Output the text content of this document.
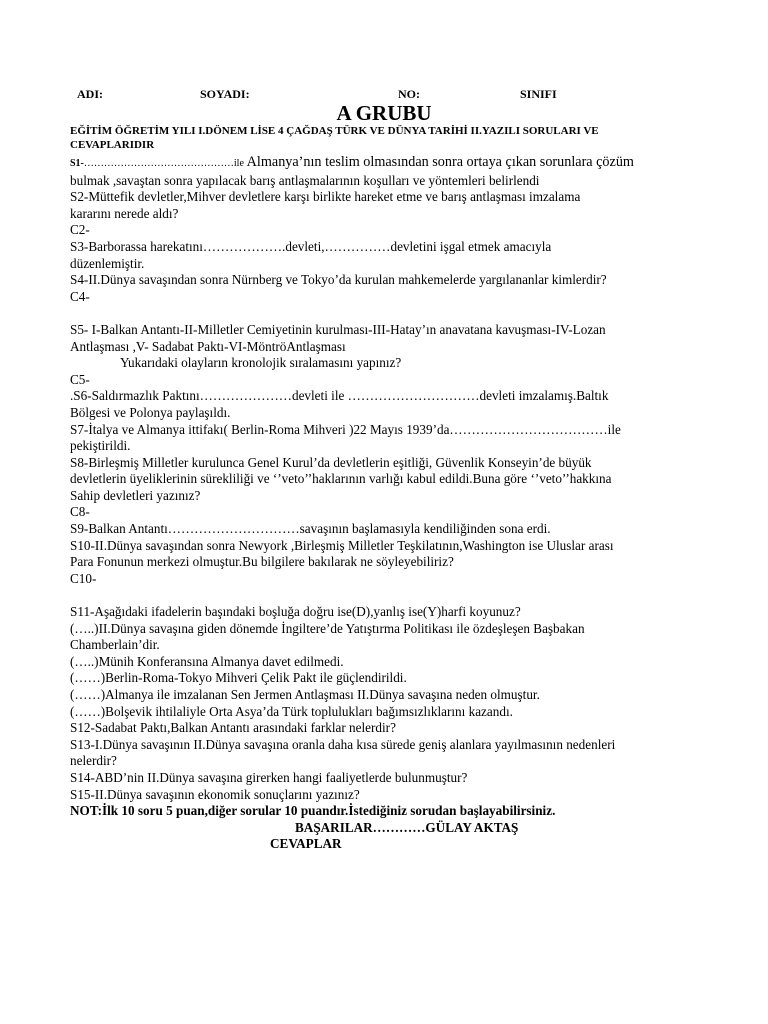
ADI:	SOYADI:	NO:	SINIFI
A GRUBU

EĞİTİM ÖĞRETİM YILI I.DÖNEM LİSE 4 ÇAĞDAŞ TÜRK VE DÜNYA TARİHİ II.YAZILI SORULARI VE

CEVAPLARIDIR

S1-………………………………………ile Almanya’nın teslim olmasından sonra ortaya çıkan sorunlara çözüm

bulmak ,savaştan sonra yapılacak barış antlaşmalarının koşulları ve yöntemleri belirlendi

S2-Müttefik devletler,Mihver devletlere karşı birlikte hareket etme ve barış antlaşması imzalama

kararını nerede aldı?

C2-

S3-Barborassa harekatını……………….devleti,……………devletini işgal etmek amacıyla

düzenlemiştir.

S4-II.Dünya savaşından sonra Nürnberg ve Tokyo’da kurulan mahkemelerde yargılananlar kimlerdir?

C4-

S5- I-Balkan Antantı-II-Milletler Cemiyetinin kurulması-III-Hatay’ın anavatana kavuşması-IV-Lozan

Antlaşması ,V- Sadabat Paktı-VI-MöntröAntlaşması

Yukarıdaki olayların kronolojik sıralamasını yapınız?

C5-

.S6-Saldırmazlık Paktını…………………devleti ile …………………………devleti imzalamış.Baltık

Bölgesi ve Polonya paylaşıldı.

S7-İtalya ve Almanya ittifakı( Berlin-Roma Mihveri )22 Mayıs 1939’da………………………………ile

pekiştirildi.

S8-Birleşmiş Milletler kurulunca Genel Kurul’da devletlerin eşitliği, Güvenlik Konseyin’de büyük

devletlerin üyeliklerinin sürekliliği ve ‘’veto’’haklarının varlığı kabul edildi.Buna göre ‘’veto’’hakkına

Sahip devletleri yazınız?

C8-

S9-Balkan Antantı…………………………savaşının başlamasıyla kendiliğinden sona erdi.

S10-II.Dünya savaşından sonra Newyork ,Birleşmiş Milletler Teşkilatının,Washington ise Uluslar arası

Para Fonunun merkezi olmuştur.Bu bilgilere bakılarak ne söyleyebiliriz?

C10-

S11-Aşağıdaki ifadelerin başındaki boşluğa doğru ise(D),yanlış ise(Y)harfi koyunuz?

(…..)II.Dünya savaşına giden dönemde İngiltere’de Yatıştırma Politikası ile özdeşleşen Başbakan

Chamberlain’dir.

(…..)Münih Konferansına Almanya davet edilmedi.

(……)Berlin-Roma-Tokyo Mihveri Çelik Pakt ile güçlendirildi.

(……)Almanya ile imzalanan Sen Jermen Antlaşması II.Dünya savaşına neden olmuştur.

(……)Bolşevik ihtilaliyle Orta Asya’da Türk toplulukları bağımsızlıklarını kazandı.

S12-Sadabat Paktı,Balkan Antantı arasındaki farklar nelerdir?

S13-I.Dünya savaşının II.Dünya savaşına oranla daha kısa sürede geniş alanlara yayılmasının nedenleri

nelerdir?

S14-ABD’nin II.Dünya savaşına girerken hangi faaliyetlerde bulunmuştur?

S15-II.Dünya savaşının ekonomik sonuçlarını yazınız?

NOT:İlk 10 soru 5 puan,diğer sorular 10 puandır.İstediğiniz sorudan başlayabilirsiniz.

BAŞARILAR…………GÜLAY AKTAŞ

CEVAPLAR
